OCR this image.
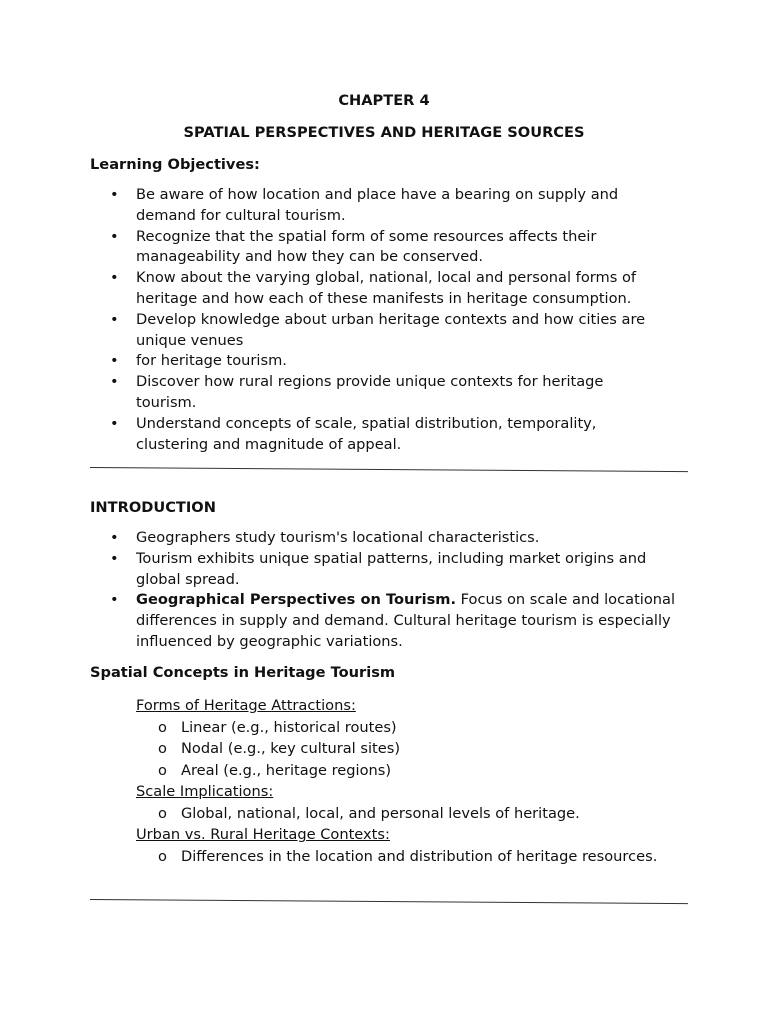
CHAPTER 4
SPATIAL PERSPECTIVES AND HERITAGE SOURCES
Learning Objectives:
• Be aware of how location and place have a bearing on supply and
demand for cultural tourism.
• Recognize that the spatial form of some resources affects their
manageability and how they can be conserved.
• Know about the varying global, national, local and personal forms of
heritage and how each of these manifests in heritage consumption.
• Develop knowledge about urban heritage contexts and how cities are
unique venues
• for heritage tourism.
• Discover how rural regions provide unique contexts for heritage
tourism.
• Understand concepts of scale, spatial distribution, temporality,
clustering and magnitude of appeal.
INTRODUCTION
• Geographers study tourism's locational characteristics.
• Tourism exhibits unique spatial patterns, including market origins and global spread.
• Geographical Perspectives on Tourism. Focus on scale and locational differences in supply and demand. Cultural heritage tourism is especially influenced by geographic variations.
Spatial Concepts in Heritage Tourism
Forms of Heritage Attractions:
o Linear (e.g., historical routes)
o Nodal (e.g., key cultural sites)
o Areal (e.g., heritage regions)
Scale Implications:
o Global, national, local, and personal levels of heritage.
Urban vs. Rural Heritage Contexts:
o Differences in the location and distribution of heritage resources.
